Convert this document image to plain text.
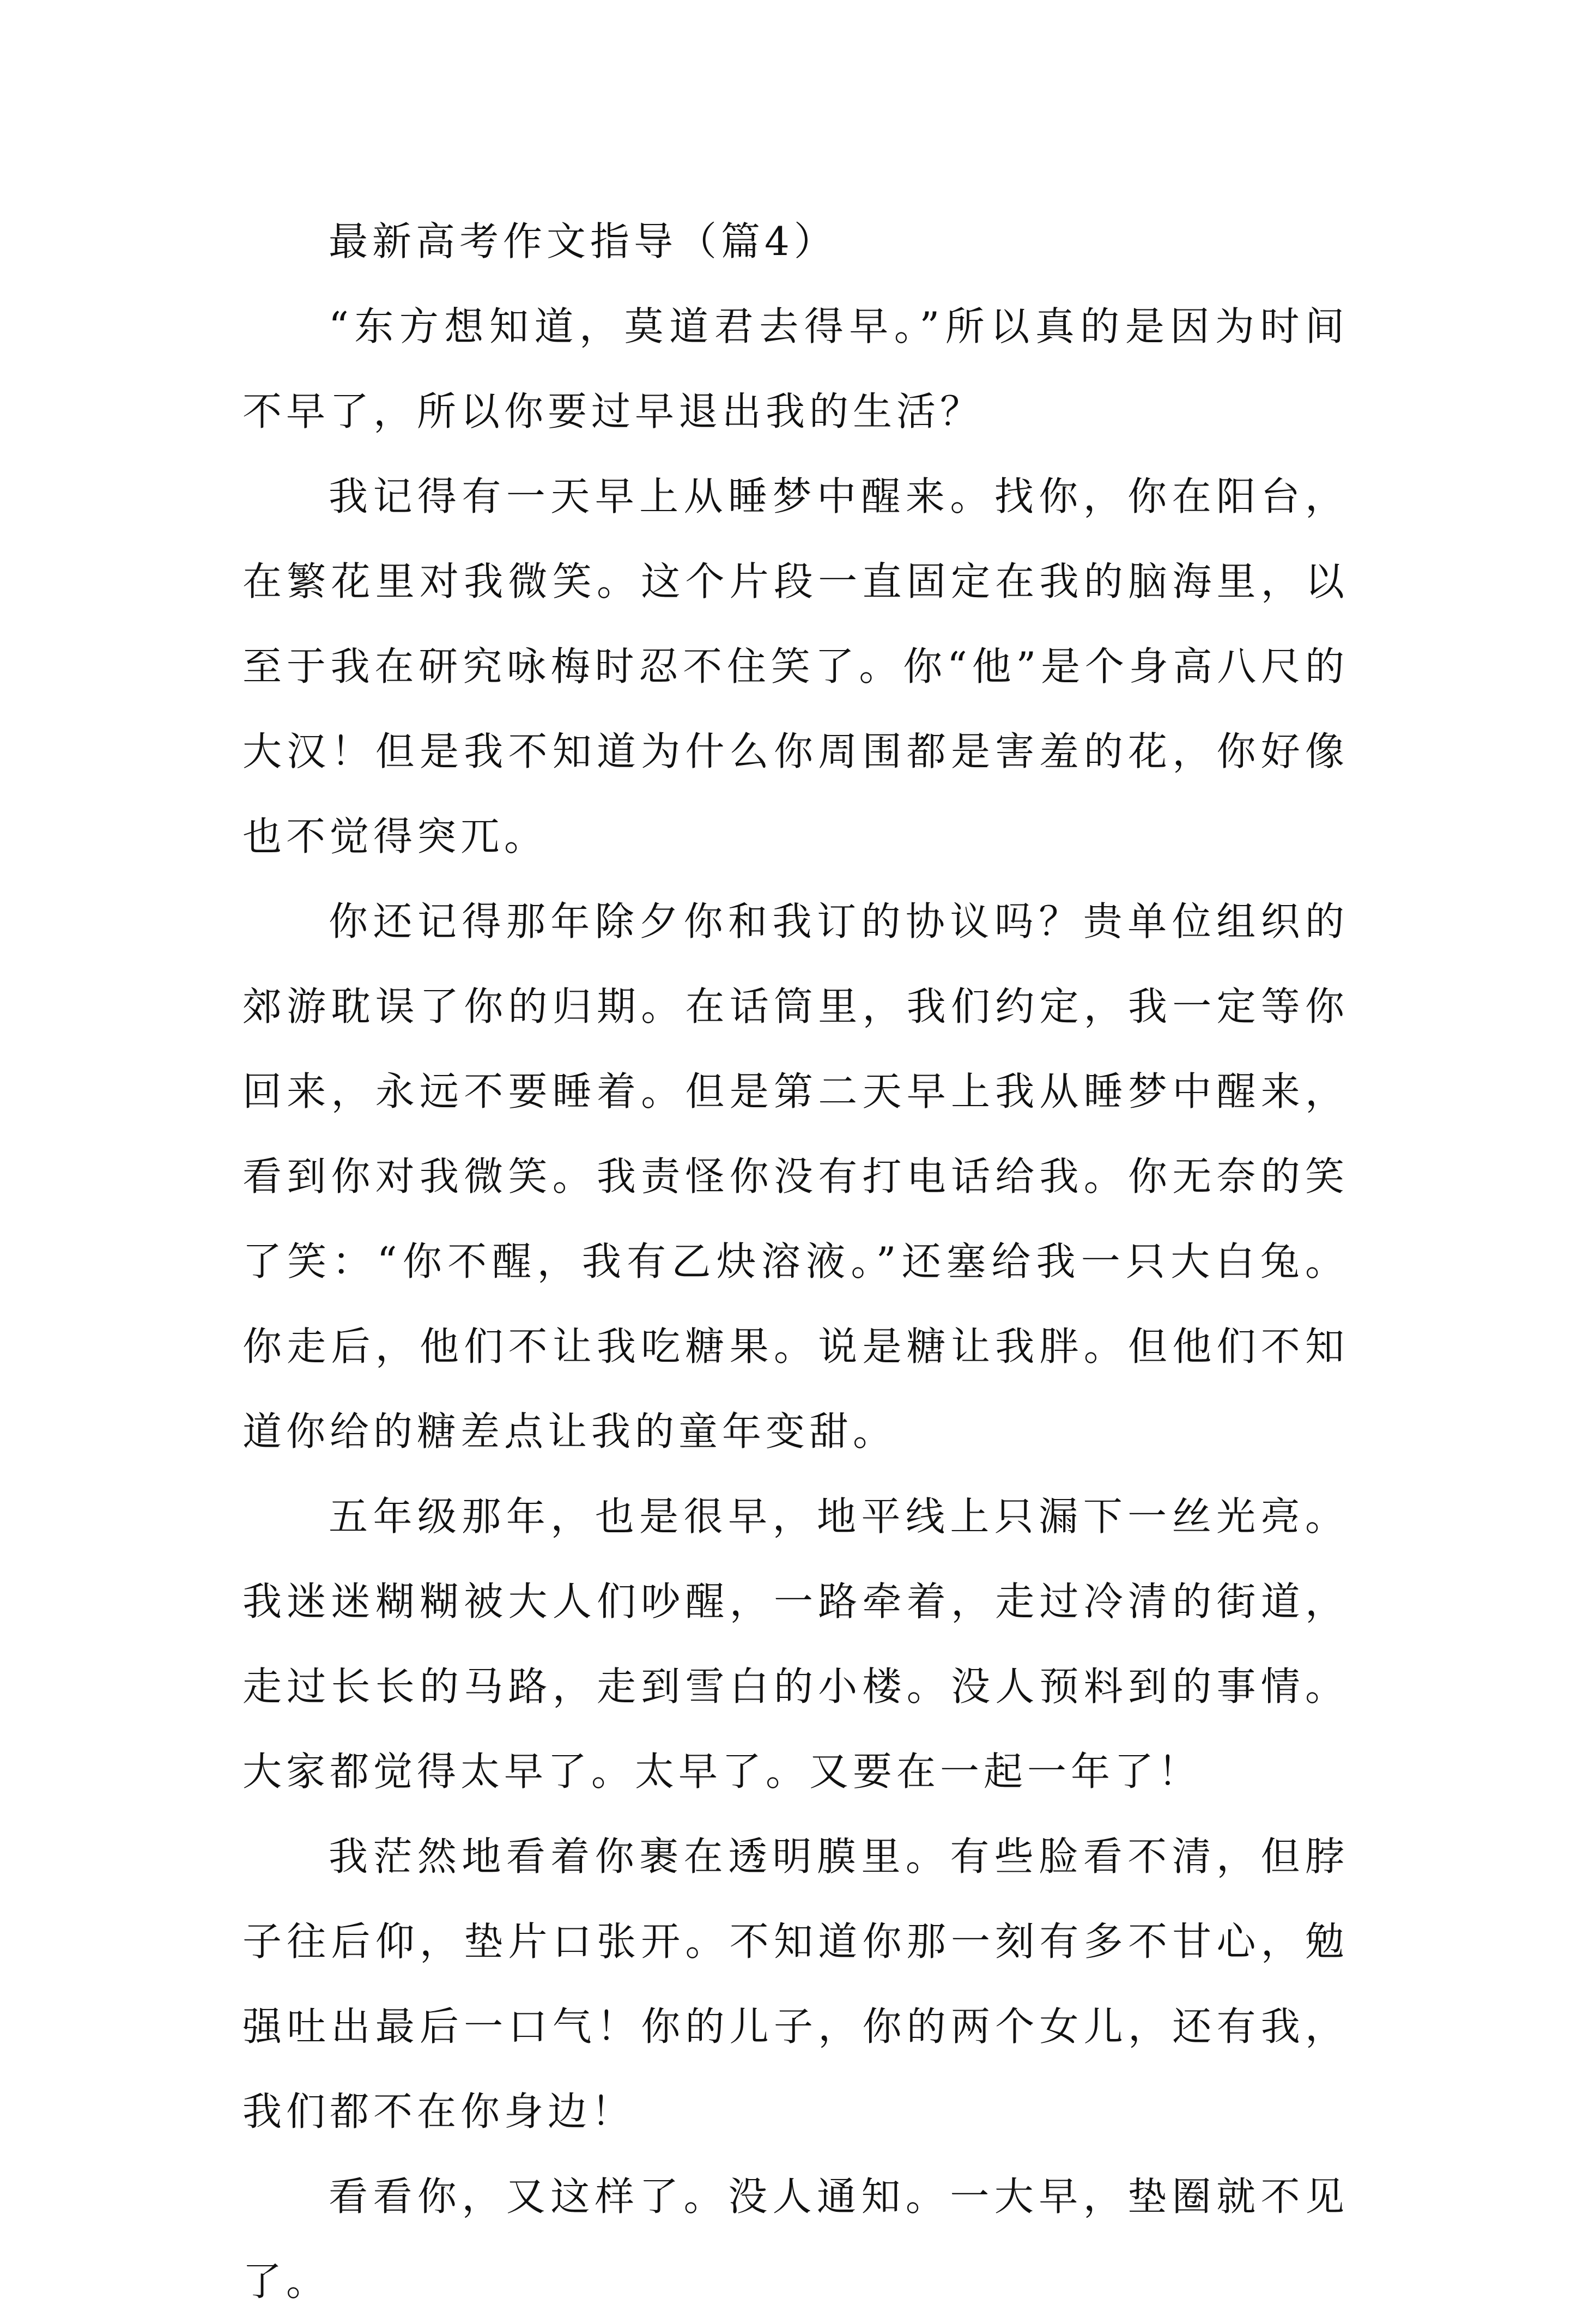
最新高考作文指导（篇4）

“东方想知道，莫道君去得早。”所以真的是因为时间不早了，所以你要过早退出我的生活？

我记得有一天早上从睡梦中醒来。找你，你在阳台，在繁花里对我微笑。这个片段一直固定在我的脑海里，以至于我在研究咏梅时忍不住笑了。你“他”是个身高八尺的大汉！但是我不知道为什么你周围都是害羞的花，你好像也不觉得突兀。

你还记得那年除夕你和我订的协议吗？贵单位组织的郊游耽误了你的归期。在话筒里，我们约定，我一定等你回来，永远不要睡着。但是第二天早上我从睡梦中醒来，看到你对我微笑。我责怪你没有打电话给我。你无奈的笑了笑：“你不醒，我有乙炔溶液。”还塞给我一只大白兔。你走后，他们不让我吃糖果。说是糖让我胖。但他们不知道你给的糖差点让我的童年变甜。

五年级那年，也是很早，地平线上只漏下一丝光亮。我迷迷糊糊被大人们吵醒，一路牵着，走过冷清的街道，走过长长的马路，走到雪白的小楼。没人预料到的事情。大家都觉得太早了。太早了。又要在一起一年了！

我茫然地看着你裹在透明膜里。有些脸看不清，但脖子往后仰，垫片口张开。不知道你那一刻有多不甘心，勉强吐出最后一口气！你的儿子，你的两个女儿，还有我，我们都不在你身边！

看看你，又这样了。没人通知。一大早，垫圈就不见了。
